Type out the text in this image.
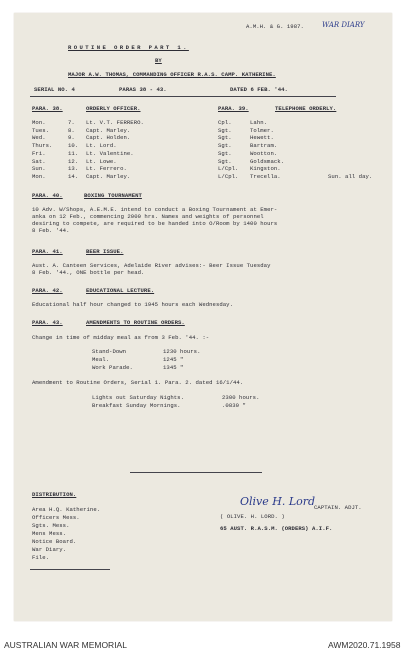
A.M.H. & G. 1987.	WAR DIARY
ROUTINE ORDER PART 1.
BY
MAJOR A.W. THOMAS, COMMANDING OFFICER R.A.S. CAMP. KATHERINE.
SERIAL NO. 4	PARAS 38 - 43.	DATED 6 FEB. '44.
PARA. 38.	ORDERLY OFFICER.
Mon.	7. Lt. V.T. FERRERO.
Tues.	8. Capt. Marley.
Wed.	9. Capt. Holden.
Thurs.	10. Lt. Lord.
Fri.	11. Lt. Valentine.
Sat.	12. Lt. Lowe.
Sun.	13. Lt. Ferrero.
Mon.	14. Capt. Marley.
PARA. 39.	TELEPHONE ORDERLY.
Cpl.	Lahn.
Sgt.	Tolmer.
Sgt.	Hewett.
Sgt.	Bartram.
Sgt.	Wootton.
Sgt.	Goldsmack.
L/Cpl. Kingston.
L/Cpl. Trecella.	Sun. all day.
PARA. 40.	BOXING TOURNAMENT
10 Adv. W/Shops, A.E.M.E. intend to conduct a Boxing Tournament at Emer-
anka on 12 Feb., commencing 2000 hrs. Names and weights of personnel
desiring to compete, are required to be handed into O/Room by 1400 hours
8 Feb. '44.
PARA. 41.	BEER ISSUE.
Aust. A. Canteen Services, Adelaide River advises:- Beer Issue Tuesday
8 Feb. '44., ONE bottle per head.
PARA. 42.	EDUCATIONAL LECTURE.
Educational half hour changed to 1945 hours each Wednesday.
PARA. 43.	AMENDMENTS TO ROUTINE ORDERS.
Change in time of midday meal as from 3 Feb. '44. :-
Stand-Down	1230 hours.
Meal.	1245 "
Work Parade.	1345 "
Amendment to Routine Orders, Serial 1. Para. 2. dated 16/1/44.
Lights out Saturday Nights.	2300 hours.
Breakfast Sunday Mornings.	.0830 "
DISTRIBUTION.
Area H.Q. Katherine.
Officers Mess.
Sgts. Mess.
Mens Mess.
Notice Board.
War Diary.
File.
Olive H. Lord
CAPTAIN. ADJT.
( OLIVE. H. LORD. )
65 AUST. R.A.S.M. (ORDERS) A.I.F.
AUSTRALIAN WAR MEMORIAL	AWM2020.71.1958
